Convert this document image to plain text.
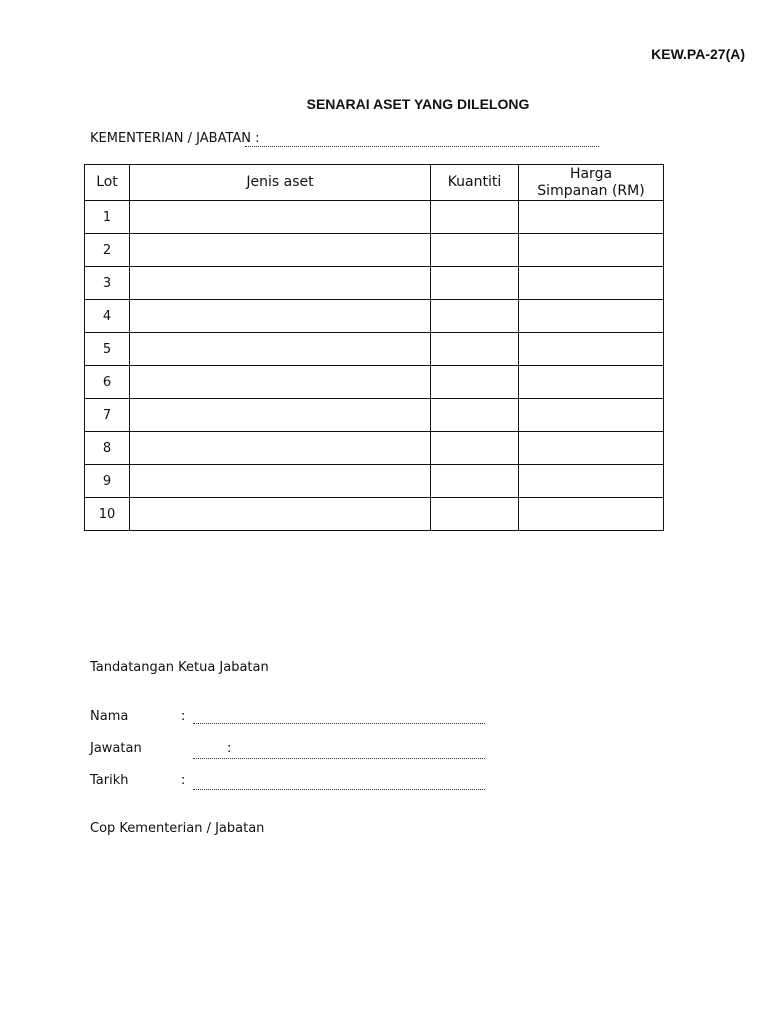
KEW.PA-27(A)
SENARAI ASET YANG DILELONG
KEMENTERIAN / JABATAN :
Lot	Jenis aset	Kuantiti	Harga
Simpanan (RM)

1			
2			
3			
4			
5			
6			
7			
8			
9			
10			
Tandatangan Ketua Jabatan
Nama	:
Jawatan	:
Tarikh	:
Cop Kementerian / Jabatan
